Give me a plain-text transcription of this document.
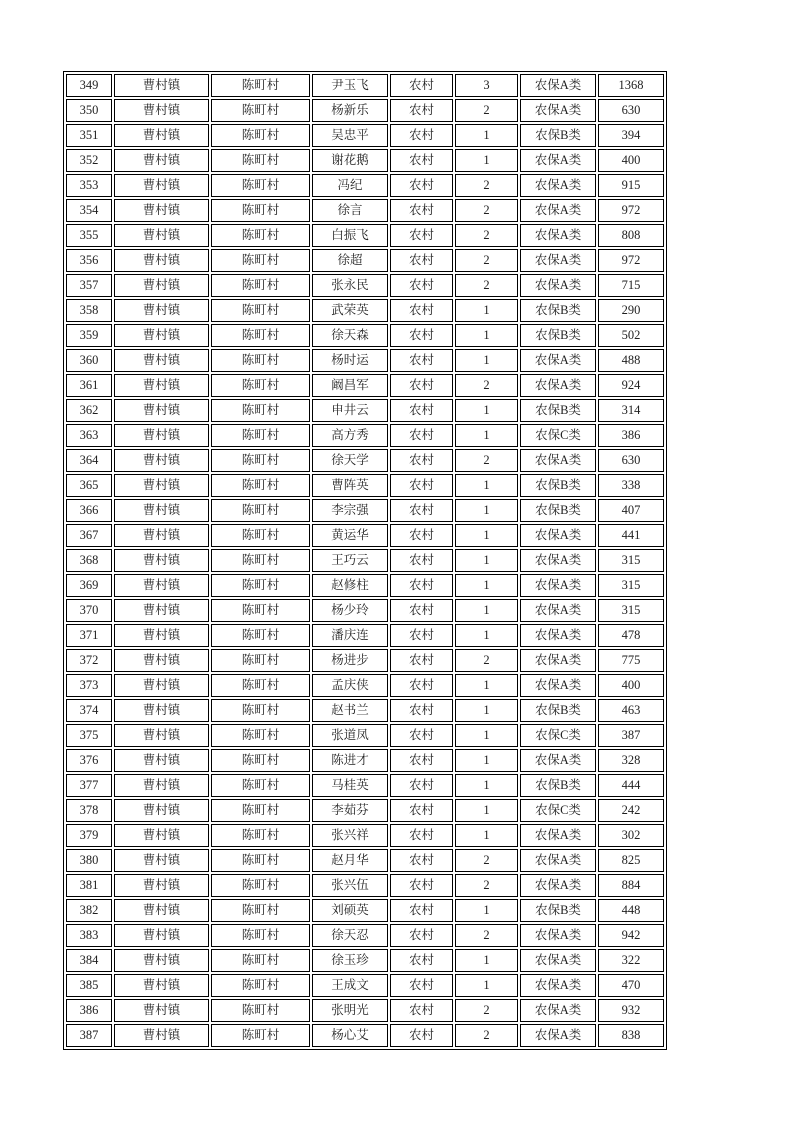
349	曹村镇	陈町村	尹玉飞	农村	3	农保A类	1368
350	曹村镇	陈町村	杨新乐	农村	2	农保A类	630
351	曹村镇	陈町村	吴忠平	农村	1	农保B类	394
352	曹村镇	陈町村	谢花鹅	农村	1	农保A类	400
353	曹村镇	陈町村	冯纪	农村	2	农保A类	915
354	曹村镇	陈町村	徐言	农村	2	农保A类	972
355	曹村镇	陈町村	白振飞	农村	2	农保A类	808
356	曹村镇	陈町村	徐超	农村	2	农保A类	972
357	曹村镇	陈町村	张永民	农村	2	农保A类	715
358	曹村镇	陈町村	武荣英	农村	1	农保B类	290
359	曹村镇	陈町村	徐天森	农村	1	农保B类	502
360	曹村镇	陈町村	杨时运	农村	1	农保A类	488
361	曹村镇	陈町村	阚昌军	农村	2	农保A类	924
362	曹村镇	陈町村	申井云	农村	1	农保B类	314
363	曹村镇	陈町村	高方秀	农村	1	农保C类	386
364	曹村镇	陈町村	徐天学	农村	2	农保A类	630
365	曹村镇	陈町村	曹阵英	农村	1	农保B类	338
366	曹村镇	陈町村	李宗强	农村	1	农保B类	407
367	曹村镇	陈町村	黄运华	农村	1	农保A类	441
368	曹村镇	陈町村	王巧云	农村	1	农保A类	315
369	曹村镇	陈町村	赵修柱	农村	1	农保A类	315
370	曹村镇	陈町村	杨少玲	农村	1	农保A类	315
371	曹村镇	陈町村	潘庆连	农村	1	农保A类	478
372	曹村镇	陈町村	杨进步	农村	2	农保A类	775
373	曹村镇	陈町村	孟庆侠	农村	1	农保A类	400
374	曹村镇	陈町村	赵书兰	农村	1	农保B类	463
375	曹村镇	陈町村	张道凤	农村	1	农保C类	387
376	曹村镇	陈町村	陈进才	农村	1	农保A类	328
377	曹村镇	陈町村	马桂英	农村	1	农保B类	444
378	曹村镇	陈町村	李茹芬	农村	1	农保C类	242
379	曹村镇	陈町村	张兴祥	农村	1	农保A类	302
380	曹村镇	陈町村	赵月华	农村	2	农保A类	825
381	曹村镇	陈町村	张兴伍	农村	2	农保A类	884
382	曹村镇	陈町村	刘硕英	农村	1	农保B类	448
383	曹村镇	陈町村	徐天忍	农村	2	农保A类	942
384	曹村镇	陈町村	徐玉珍	农村	1	农保A类	322
385	曹村镇	陈町村	王成文	农村	1	农保A类	470
386	曹村镇	陈町村	张明光	农村	2	农保A类	932
387	曹村镇	陈町村	杨心艾	农村	2	农保A类	838
